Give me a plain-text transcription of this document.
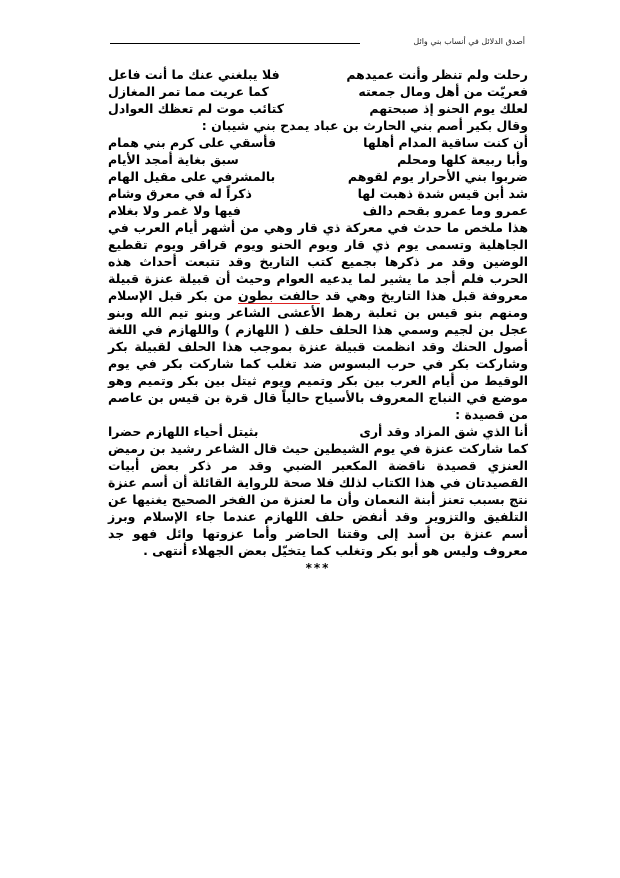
أصدق الدلائل في أنساب بني وائل
رحلت ولم تنظر وأنت عميدهم
فلا يبلغني عنك ما أنت فاعل
فعريّت من أهل ومال جمعته
كما عريت مما تمر المغازل
لعلك يوم الحنو إذ صبحتهم
كتائب موت لم تعظك العوادل
وقال بكير أصم بني الحارث بن عباد يمدح بني شيبان :
أن كنت ساقية المدام أهلها
فأسقي على كرم بني همام
وأبا ربيعة كلها ومحلم
سبق بغاية أمجد الأيام
ضربوا بني الأحرار يوم لقوهم
بالمشرفي على مقيل الهام
شد أبن قيس شدة ذهبت لها
ذكراً له في معرق وشام
عمرو وما عمرو بقحم دالف
فيها ولا غمر ولا بغلام

هذا ملخص ما حدث في معركة ذي قار وهي من أشهر أيام العرب في الجاهلية وتسمى يوم ذي قار ويوم الحنو ويوم قراقر ويوم تقطيع الوضين وقد مر ذكرها بجميع كتب التاريخ وقد تتبعت أحداث هذه الحرب فلم أجد ما يشير لما يدعيه العوام وحيث أن قبيلة عنزة قبيلة معروفة قبل هذا التاريخ وهي قد حالفت بطون من بكر قبل الإسلام ومنهم بنو قيس بن ثعلبة رهط الأعشى الشاعر وبنو تيم الله وبنو عجل بن لجيم وسمي هذا الحلف حلف ( اللهازم ) واللهازم في اللغة أصول الحنك وقد انظمت قبيلة عنزة بموجب هذا الحلف لقبيلة بكر وشاركت بكر في حرب البسوس ضد تغلب كما شاركت بكر في يوم الوقيط من أيام العرب بين بكر وتميم ويوم ثيتل بين بكر وتميم وهو موضع في النباج المعروف بالأسياح حالياً قال قرة بن قيس بن عاصم من قصيدة :

أنا الذي شق المزاد وقد أرى
بثيتل أحياء اللهازم حضرا

كما شاركت عنزة في يوم الشيطين حيث قال الشاعر رشيد بن رميض العنزي قصيدة ناقضة المكعبر الضبي وقد مر ذكر بعض أبيات القصيدتان في هذا الكتاب لذلك فلا صحة للرواية القائلة أن أسم عنزة نتج بسبب تعنز أبنة النعمان وأن ما لعنزة من الفخر الصحيح يغنيها عن التلفيق والتزوير وقد أنفض حلف اللهازم عندما جاء الإسلام وبرز أسم عنزة بن أسد إلى وقتنا الحاضر وأما عزوتها وائل فهو جد معروف وليس هو أبو بكر وتغلب كما يتخيّل بعض الجهلاء أنتهى .

***
